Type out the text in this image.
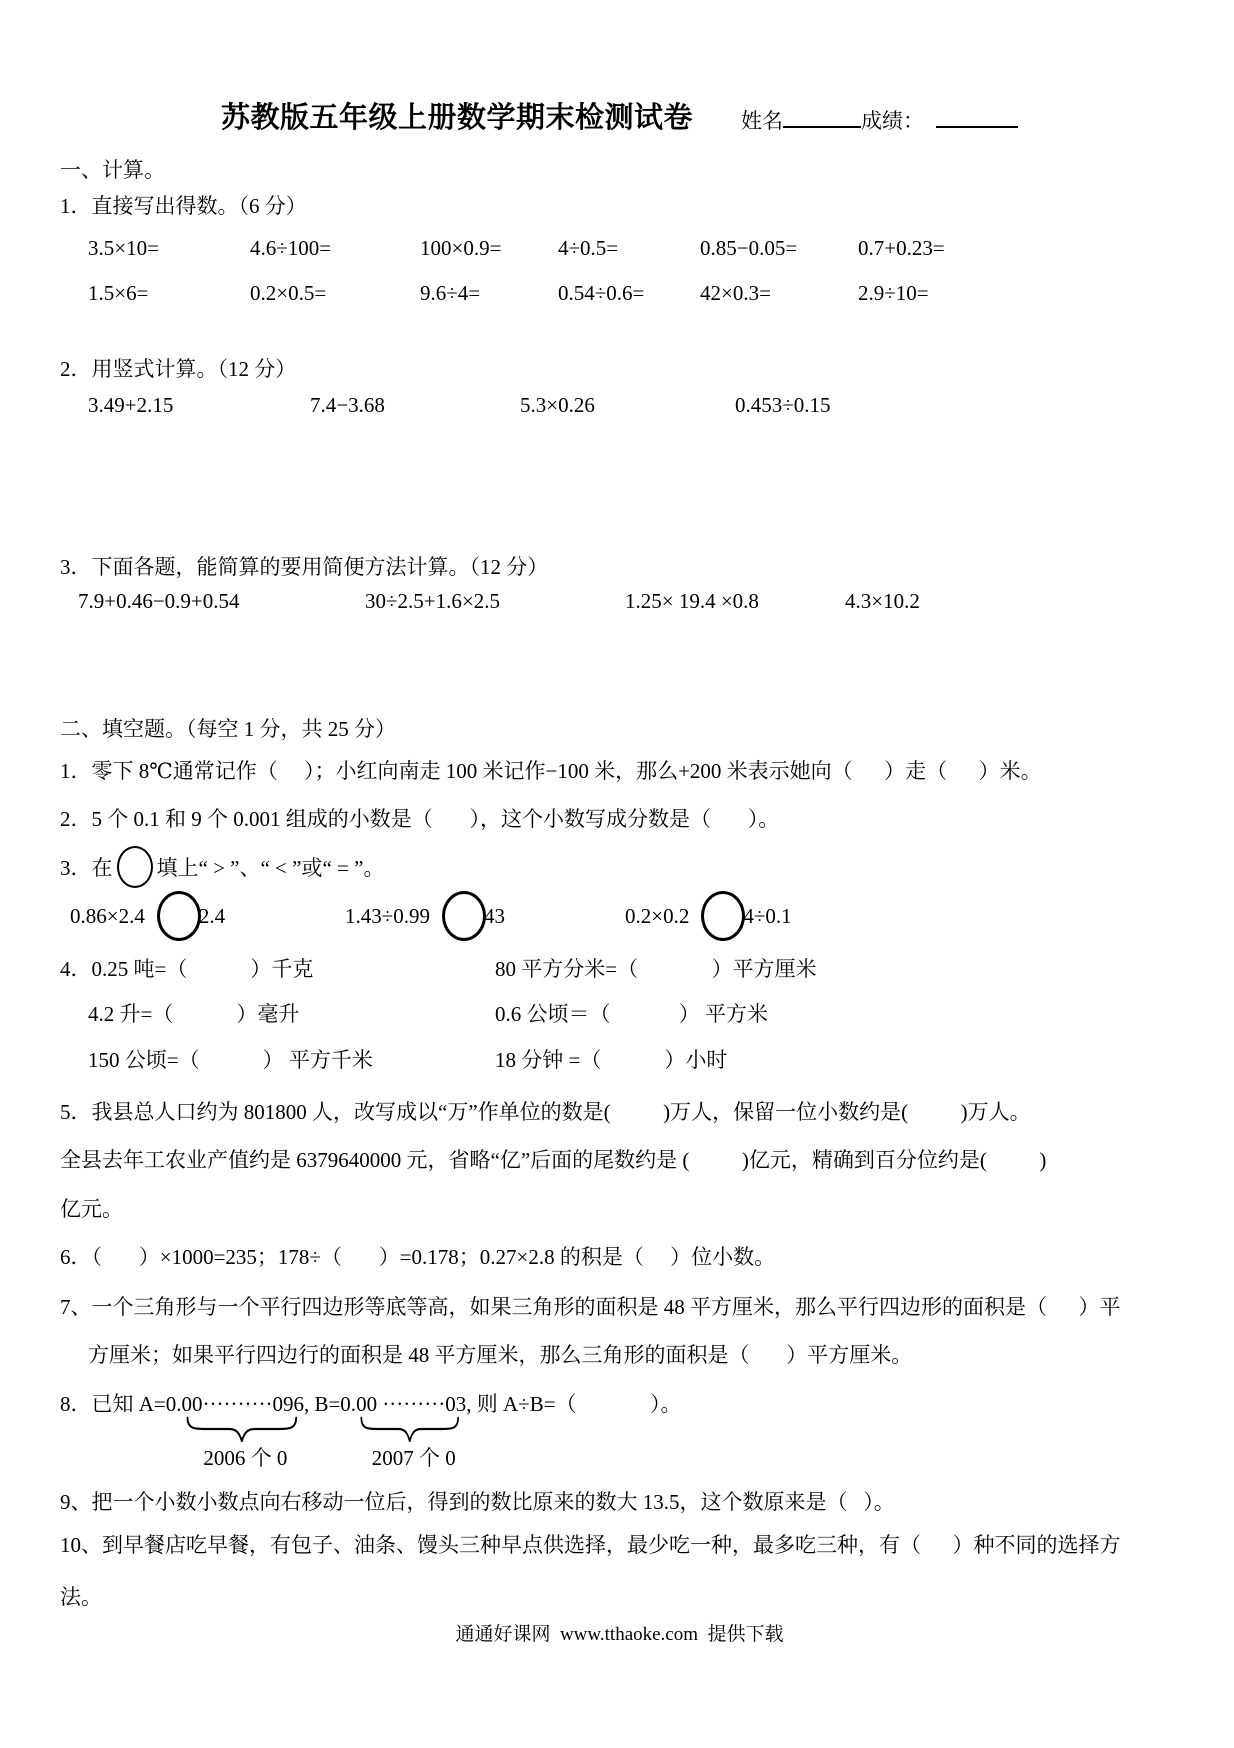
苏教版五年级上册数学期末检测试卷 姓名	成绩：
一、计算。
1．直接写出得数。（6 分）
3.5×10=	4.6÷100=	100×0.9=	4÷0.5=	0.85−0.05=	0.7+0.23=
1.5×6=	0.2×0.5=	9.6÷4=	0.54÷0.6=	42×0.3=	2.9÷10=
2．用竖式计算。（12 分）
3.49+2.15	7.4−3.68	5.3×0.26	0.453÷0.15
3．下面各题，能简算的要用简便方法计算。（12 分）
7.9+0.46−0.9+0.54	30÷2.5+1.6×2.5	1.25× 19.4 ×0.8	4.3×10.2
二、填空题。（每空 1 分，共 25 分）
1．零下 8℃通常记作（     ）；小红向南走 100 米记作−100 米，那么+200 米表示她向（      ）走（      ）米。
2．5 个 0.1 和 9 个 0.001 组成的小数是（       ），这个小数写成分数是（       ）。
3．在 填上“ > ”、“ < ”或“ = ”。
0.86×2.4	2.4	1.43÷0.99	43	0.2×0.2	4÷0.1
4．0.25 吨=（            ）千克	80 平方分米=（              ）平方厘米
4.2 升=（            ）毫升	0.6 公顷＝（             ） 平方米
150 公顷=（            ） 平方千米	18 分钟 =（            ）小时
5．我县总人口约为 801800 人，改写成以“万”作单位的数是(          )万人，保留一位小数约是(          )万人。
全县去年工农业产值约是 6379640000 元，省略“亿”后面的尾数约是 (          )亿元，精确到百分位约是(          )
亿元。
6．（       ）×1000=235；178÷（       ）=0.178；0.27×2.8 的积是（     ）位小数。
7、一个三角形与一个平行四边形等底等高，如果三角形的面积是 48 平方厘米，那么平行四边形的面积是（      ）平
方厘米；如果平行四边行的面积是 48 平方厘米，那么三角形的面积是（       ）平方厘米。
8．已知 A=0. 00··········096,
2006 个 0
B=0. 00 ·········03,
2007 个 0
则 A÷B=（              ）。
9、把一个小数小数点向右移动一位后，得到的数比原来的数大 13.5，这个数原来是（   ）。
10、到早餐店吃早餐，有包子、油条、馒头三种早点供选择，最少吃一种，最多吃三种，有（      ）种不同的选择方
法。
通通好课网  www.tthaoke.com  提供下载
